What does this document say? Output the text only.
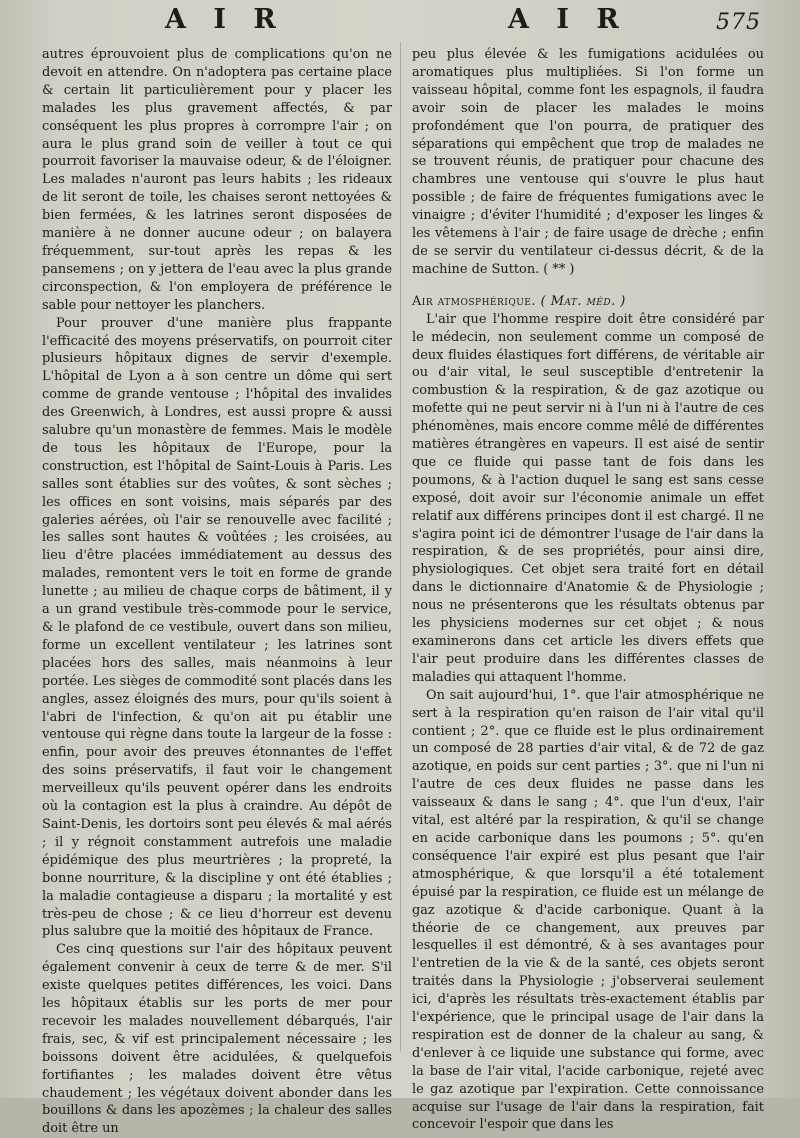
A I R	A I R	575

autres éprouvoient plus de complications qu'on ne devoit en attendre. On n'adoptera pas certaine place & certain lit particulièrement pour y placer les malades les plus gravement affectés, & par conséquent les plus propres à corrompre l'air ; on aura le plus grand soin de veiller à tout ce qui pourroit favoriser la mauvaise odeur, & de l'éloigner. Les malades n'auront pas leurs habits ; les rideaux de lit seront de toile, les chaises seront nettoyées & bien fermées, & les latrines seront disposées de manière à ne donner aucune odeur ; on balayera fréquemment, sur-tout après les repas & les pansemens ; on y jettera de l'eau avec la plus grande circonspection, & l'on employera de préférence le sable pour nettoyer les planchers.

Pour prouver d'une manière plus frappante l'efficacité des moyens préservatifs, on pourroit citer plusieurs hôpitaux dignes de servir d'exemple. L'hôpital de Lyon a à son centre un dôme qui sert comme de grande ventouse ; l'hôpital des invalides des Greenwich, à Londres, est aussi propre & aussi salubre qu'un monastère de femmes. Mais le modèle de tous les hôpitaux de l'Europe, pour la construction, est l'hôpital de Saint-Louis à Paris. Les salles sont établies sur des voûtes, & sont sèches ; les offices en sont voisins, mais séparés par des galeries aérées, où l'air se renouvelle avec facilité ; les salles sont hautes & voûtées ; les croisées, au lieu d'être placées immédiatement au dessus des malades, remontent vers le toit en forme de grande lunette ; au milieu de chaque corps de bâtiment, il y a un grand vestibule très-commode pour le service, & le plafond de ce vestibule, ouvert dans son milieu, forme un excellent ventilateur ; les latrines sont placées hors des salles, mais néanmoins à leur portée. Les sièges de commodité sont placés dans les angles, assez éloignés des murs, pour qu'ils soient à l'abri de l'infection, & qu'on ait pu établir une ventouse qui règne dans toute la largeur de la fosse : enfin, pour avoir des preuves étonnantes de l'effet des soins préservatifs, il faut voir le changement merveilleux qu'ils peuvent opérer dans les endroits où la contagion est la plus à craindre. Au dépôt de Saint-Denis, les dortoirs sont peu élevés & mal aérés ; il y régnoit constamment autrefois une maladie épidémique des plus meurtrières ; la propreté, la bonne nourriture, & la discipline y ont été établies ; la maladie contagieuse a disparu ; la mortalité y est très-peu de chose ; & ce lieu d'horreur est devenu plus salubre que la moitié des hôpitaux de France.

Ces cinq questions sur l'air des hôpitaux peuvent également convenir à ceux de terre & de mer. S'il existe quelques petites différences, les voici. Dans les hôpitaux établis sur les ports de mer pour recevoir les malades nouvellement débarqués, l'air frais, sec, & vif est principalement nécessaire ; les boissons doivent être acidulées, & quelquefois fortifiantes ; les malades doivent être vêtus chaudement ; les végétaux doivent abonder dans les bouillons & dans les apozèmes ; la chaleur des salles doit être un

peu plus élevée & les fumigations acidulées ou aromatiques plus multipliées. Si l'on forme un vaisseau hôpital, comme font les espagnols, il faudra avoir soin de placer les malades le moins profondément que l'on pourra, de pratiquer des séparations qui empêchent que trop de malades ne se trouvent réunis, de pratiquer pour chacune des chambres une ventouse qui s'ouvre le plus haut possible ; de faire de fréquentes fumigations avec le vinaigre ; d'éviter l'humidité ; d'exposer les linges & les vêtemens à l'air ; de faire usage de drèche ; enfin de se servir du ventilateur ci-dessus décrit, & de la machine de Sutton. ( ** )

Air atmosphérique. ( Mat. méd. )

L'air que l'homme respire doit être considéré par le médecin, non seulement comme un composé de deux fluides élastiques fort différens, de véritable air ou d'air vital, le seul susceptible d'entretenir la combustion & la respiration, & de gaz azotique ou mofette qui ne peut servir ni à l'un ni à l'autre de ces phénomènes, mais encore comme mêlé de différentes matières étrangères en vapeurs. Il est aisé de sentir que ce fluide qui passe tant de fois dans les poumons, & à l'action duquel le sang est sans cesse exposé, doit avoir sur l'économie animale un effet relatif aux différens principes dont il est chargé. Il ne s'agira point ici de démontrer l'usage de l'air dans la respiration, & de ses propriétés, pour ainsi dire, physiologiques. Cet objet sera traité fort en détail dans le dictionnaire d'Anatomie & de Physiologie ; nous ne présenterons que les résultats obtenus par les physiciens modernes sur cet objet ; & nous examinerons dans cet article les divers effets que l'air peut produire dans les différentes classes de maladies qui attaquent l'homme.

On sait aujourd'hui, 1°. que l'air atmosphérique ne sert à la respiration qu'en raison de l'air vital qu'il contient ; 2°. que ce fluide est le plus ordinairement un composé de 28 parties d'air vital, & de 72 de gaz azotique, en poids sur cent parties ; 3°. que ni l'un ni l'autre de ces deux fluides ne passe dans les vaisseaux & dans le sang ; 4°. que l'un d'eux, l'air vital, est altéré par la respiration, & qu'il se change en acide carbonique dans les poumons ; 5°. qu'en conséquence l'air expiré est plus pesant que l'air atmosphérique, & que lorsqu'il a été totalement épuisé par la respiration, ce fluide est un mélange de gaz azotique & d'acide carbonique. Quant à la théorie de ce changement, aux preuves par lesquelles il est démontré, & à ses avantages pour l'entretien de la vie & de la santé, ces objets seront traités dans la Physiologie ; j'observerai seulement ici, d'après les résultats très-exactement établis par l'expérience, que le principal usage de l'air dans la respiration est de donner de la chaleur au sang, & d'enlever à ce liquide une substance qui forme, avec la base de l'air vital, l'acide carbonique, rejeté avec le gaz azotique par l'expiration. Cette connoissance acquise sur l'usage de l'air dans la respiration, fait concevoir l'espoir que dans les
